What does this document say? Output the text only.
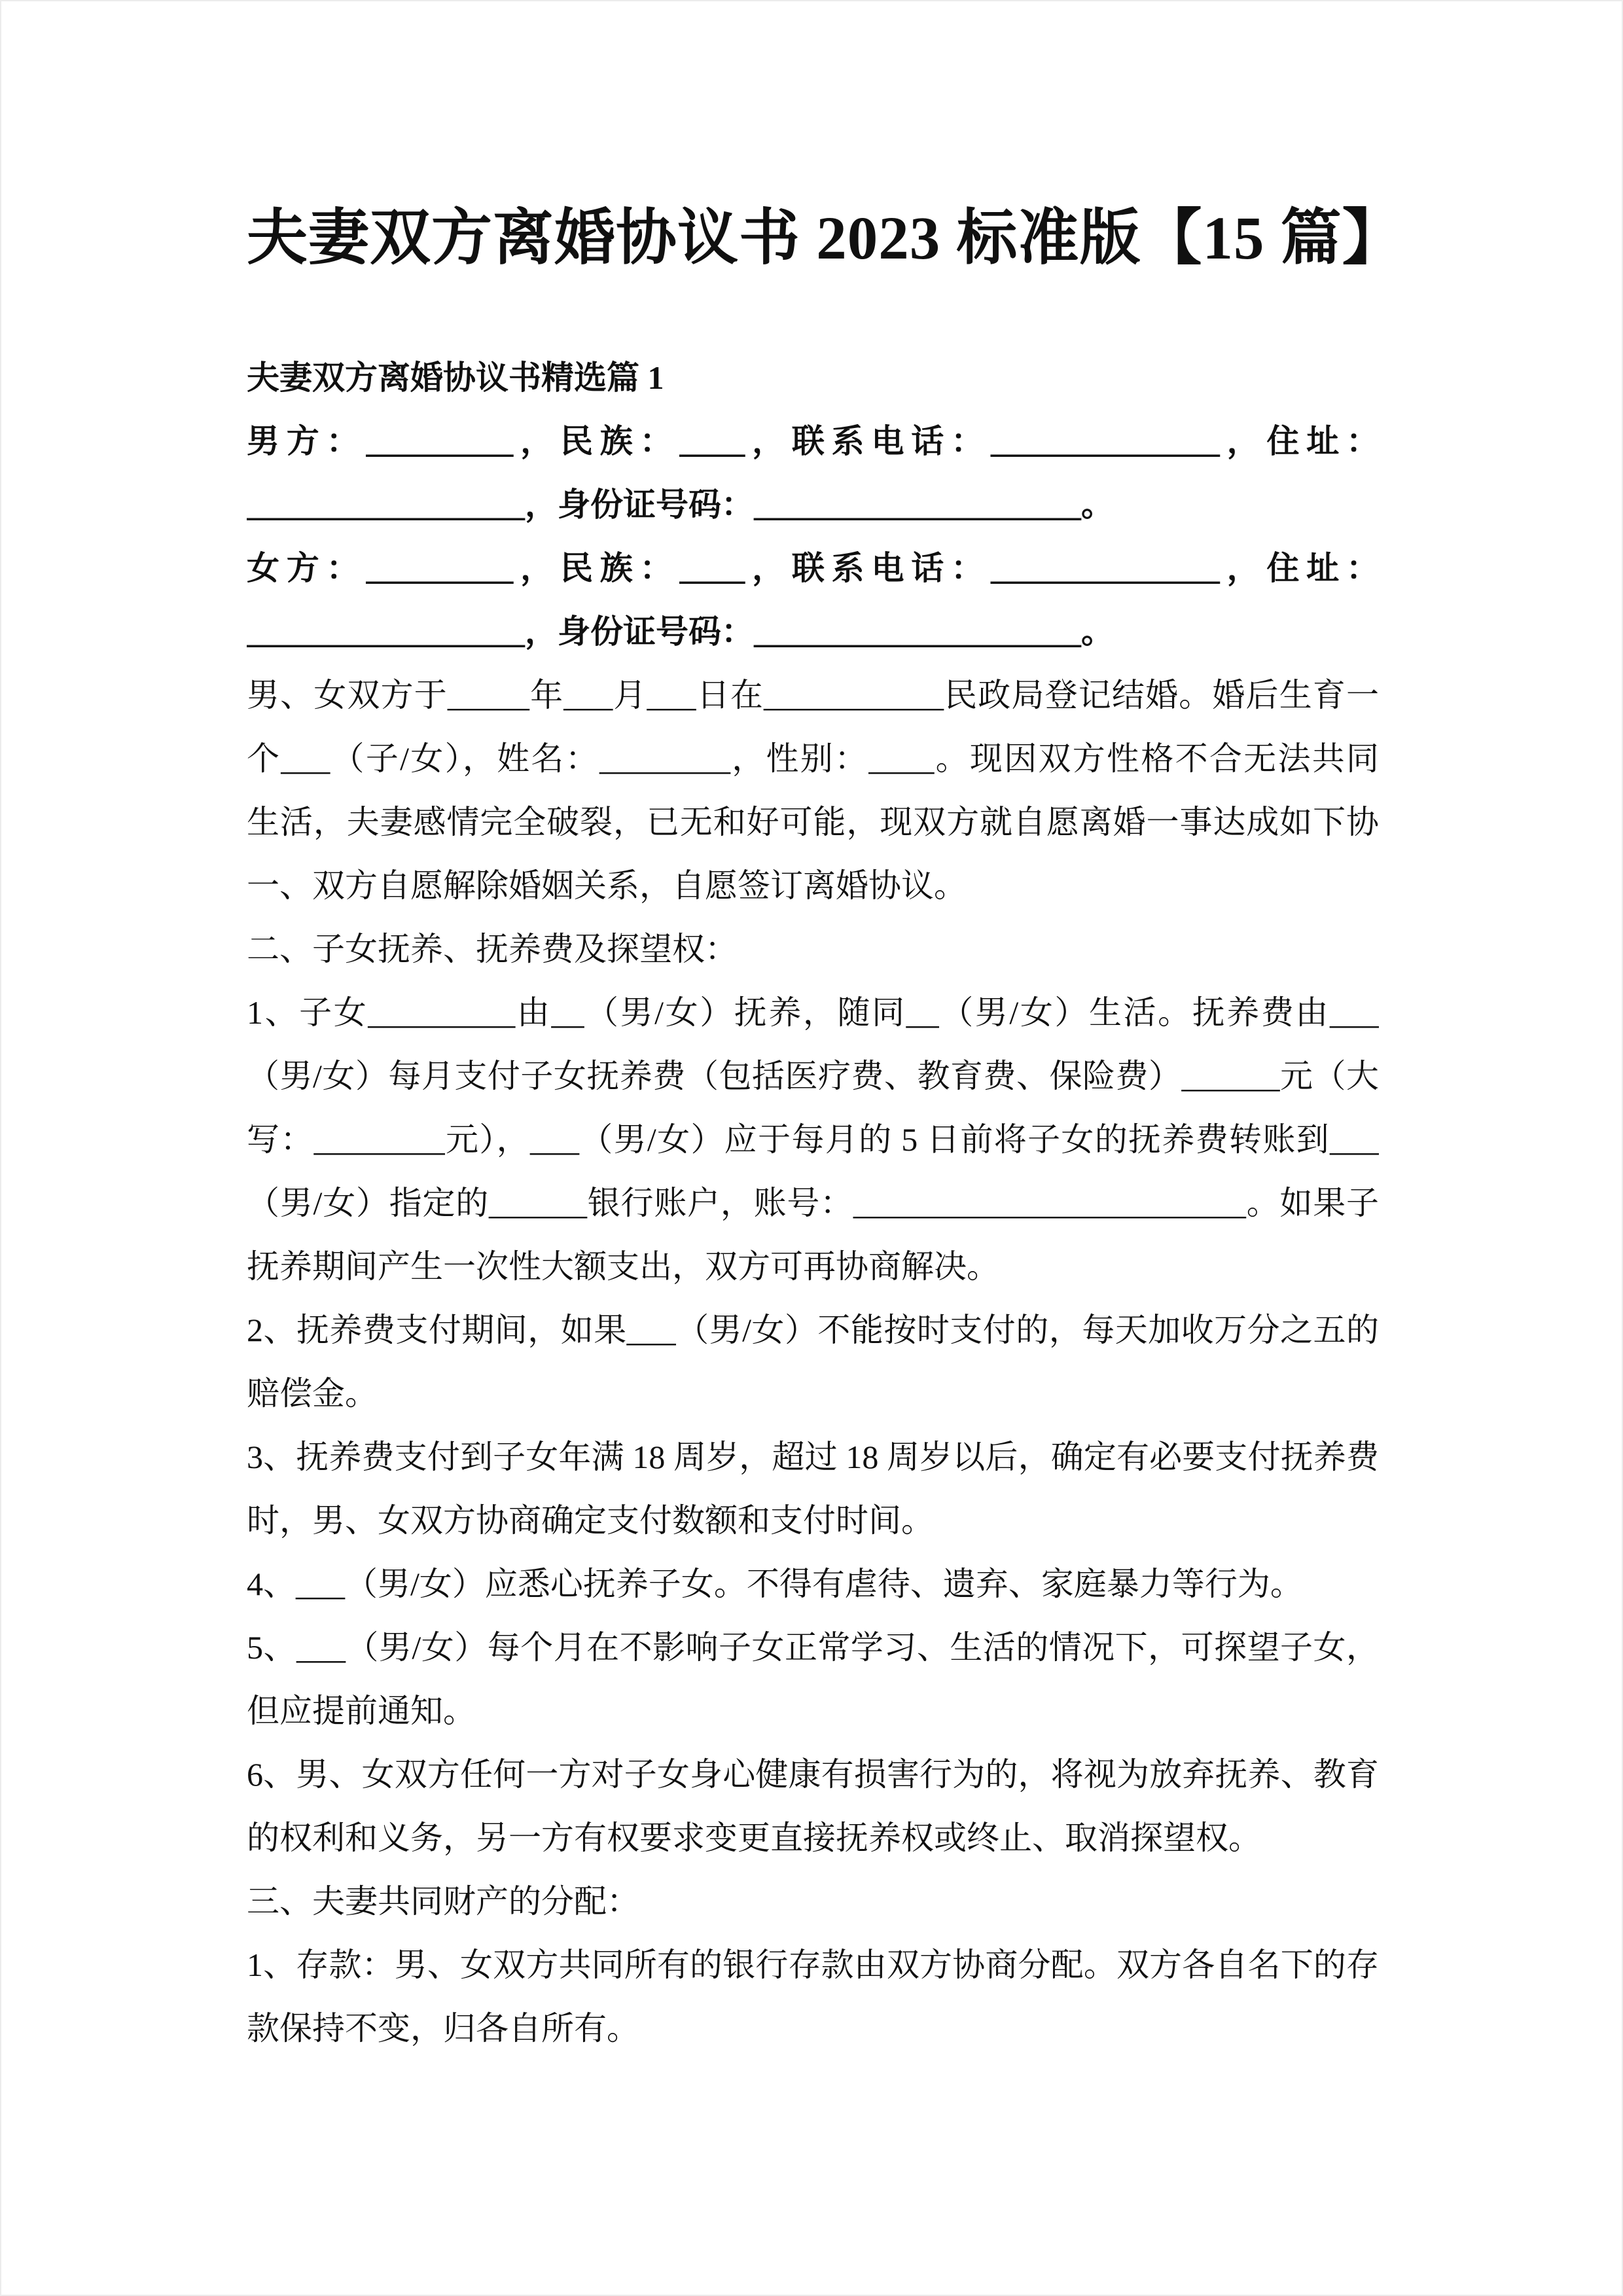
夫妻双方离婚协议书 2023 标准版【15 篇】
夫妻双方离婚协议书精选篇 1
男方：_________，民族：____，联系电话：______________，住址：
_________________，身份证号码：____________________。
女方：_________，民族：____，联系电话：______________，住址：
_________________，身份证号码：____________________。
男、女双方于_____年___月___日在___________民政局登记结婚。婚后生育一
个___（子/女），姓名：________，性别：____。现因双方性格不合无法共同
生活，夫妻感情完全破裂，已无和好可能，现双方就自愿离婚一事达成如下协
一、双方自愿解除婚姻关系，自愿签订离婚协议。
二、子女抚养、抚养费及探望权：
1、子女_________由__（男/女）抚养，随同__（男/女）生活。抚养费由___
（男/女）每月支付子女抚养费（包括医疗费、教育费、保险费）______元（大
写：________元），___（男/女）应于每月的 5 日前将子女的抚养费转账到___
（男/女）指定的______银行账户，账号：________________________。如果子
抚养期间产生一次性大额支出，双方可再协商解决。
2、抚养费支付期间，如果___（男/女）不能按时支付的，每天加收万分之五的
赔偿金。
3、抚养费支付到子女年满 18 周岁，超过 18 周岁以后，确定有必要支付抚养费
时，男、女双方协商确定支付数额和支付时间。
4、___（男/女）应悉心抚养子女。不得有虐待、遗弃、家庭暴力等行为。
5、___（男/女）每个月在不影响子女正常学习、生活的情况下，可探望子女，
但应提前通知。
6、男、女双方任何一方对子女身心健康有损害行为的，将视为放弃抚养、教育
的权利和义务，另一方有权要求变更直接抚养权或终止、取消探望权。
三、夫妻共同财产的分配：
1、存款：男、女双方共同所有的银行存款由双方协商分配。双方各自名下的存
款保持不变，归各自所有。
